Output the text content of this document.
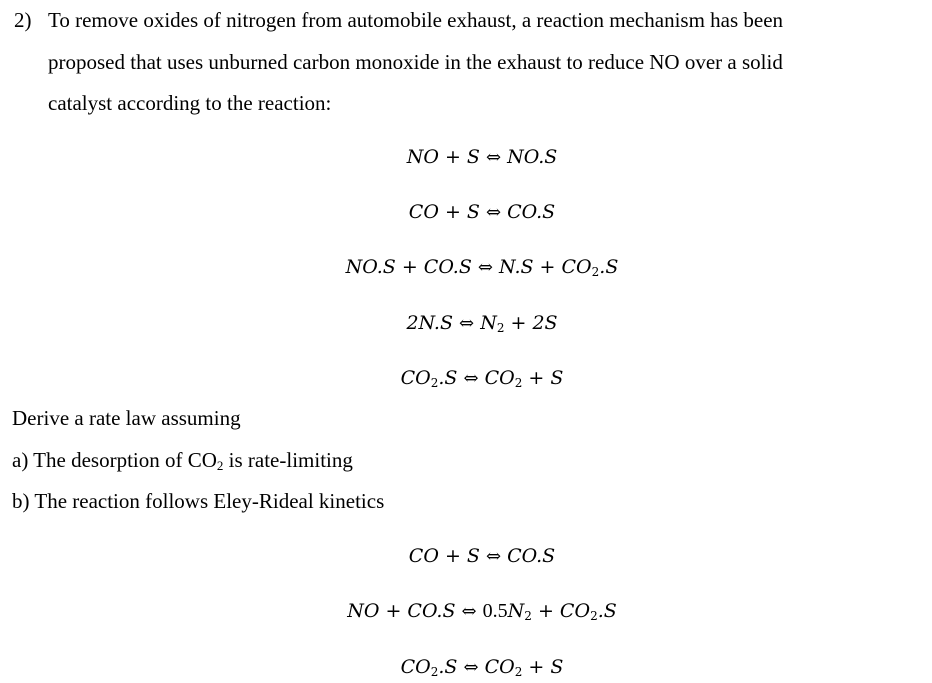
2) To remove oxides of nitrogen from automobile exhaust, a reaction mechanism has been
proposed that uses unburned carbon monoxide in the exhaust to reduce NO over a solid
catalyst according to the reaction:
NO + S ⇔ NO.S
CO + S ⇔ CO.S
NO.S + CO.S ⇔ $N.S + CO_2.S$
2N.S ⇔ $N_2 + 2S$
$CO_2.S$ ⇔ $CO_2 + S$
Derive a rate law assuming
a) The desorption of $CO_2$ is rate-limiting
b) The reaction follows Eley-Rideal kinetics
CO + S ⇔ CO.S
NO + CO.S ⇔ $0.5N_2 + CO_2.S$
$CO_2.S$ ⇔ $CO_2 + S$
